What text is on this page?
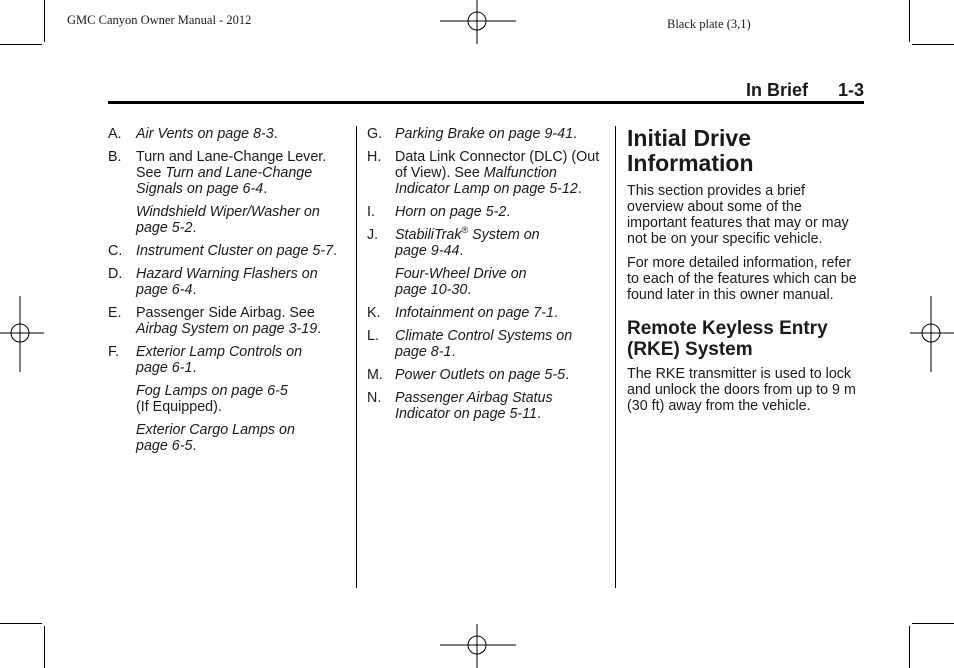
GMC Canyon Owner Manual - 2012	Black plate (3,1)
In Brief 1-3
A. Air Vents on page 8-3.
B. Turn and Lane-Change Lever.
See Turn and Lane-Change Signals on page 6-4.
Windshield Wiper/Washer on page 5-2.
C. Instrument Cluster on page 5-7.
D. Hazard Warning Flashers on page 6-4.
E. Passenger Side Airbag. See
Airbag System on page 3-19.
F. Exterior Lamp Controls on page 6-1.
Fog Lamps on page 6-5
(If Equipped).
Exterior Cargo Lamps on page 6-5.
G. Parking Brake on page 9-41.
H. Data Link Connector (DLC) (Out of View). See Malfunction Indicator Lamp on page 5-12.
I. Horn on page 5-2.
J. StabiliTrak® System on page 9-44.
Four-Wheel Drive on page 10-30.
K. Infotainment on page 7-1.
L. Climate Control Systems on page 8-1.
M. Power Outlets on page 5-5.
N. Passenger Airbag Status Indicator on page 5-11.
Initial Drive Information
This section provides a brief overview about some of the important features that may or may not be on your specific vehicle.
For more detailed information, refer to each of the features which can be found later in this owner manual.
Remote Keyless Entry (RKE) System
The RKE transmitter is used to lock and unlock the doors from up to 9 m (30 ft) away from the vehicle.
